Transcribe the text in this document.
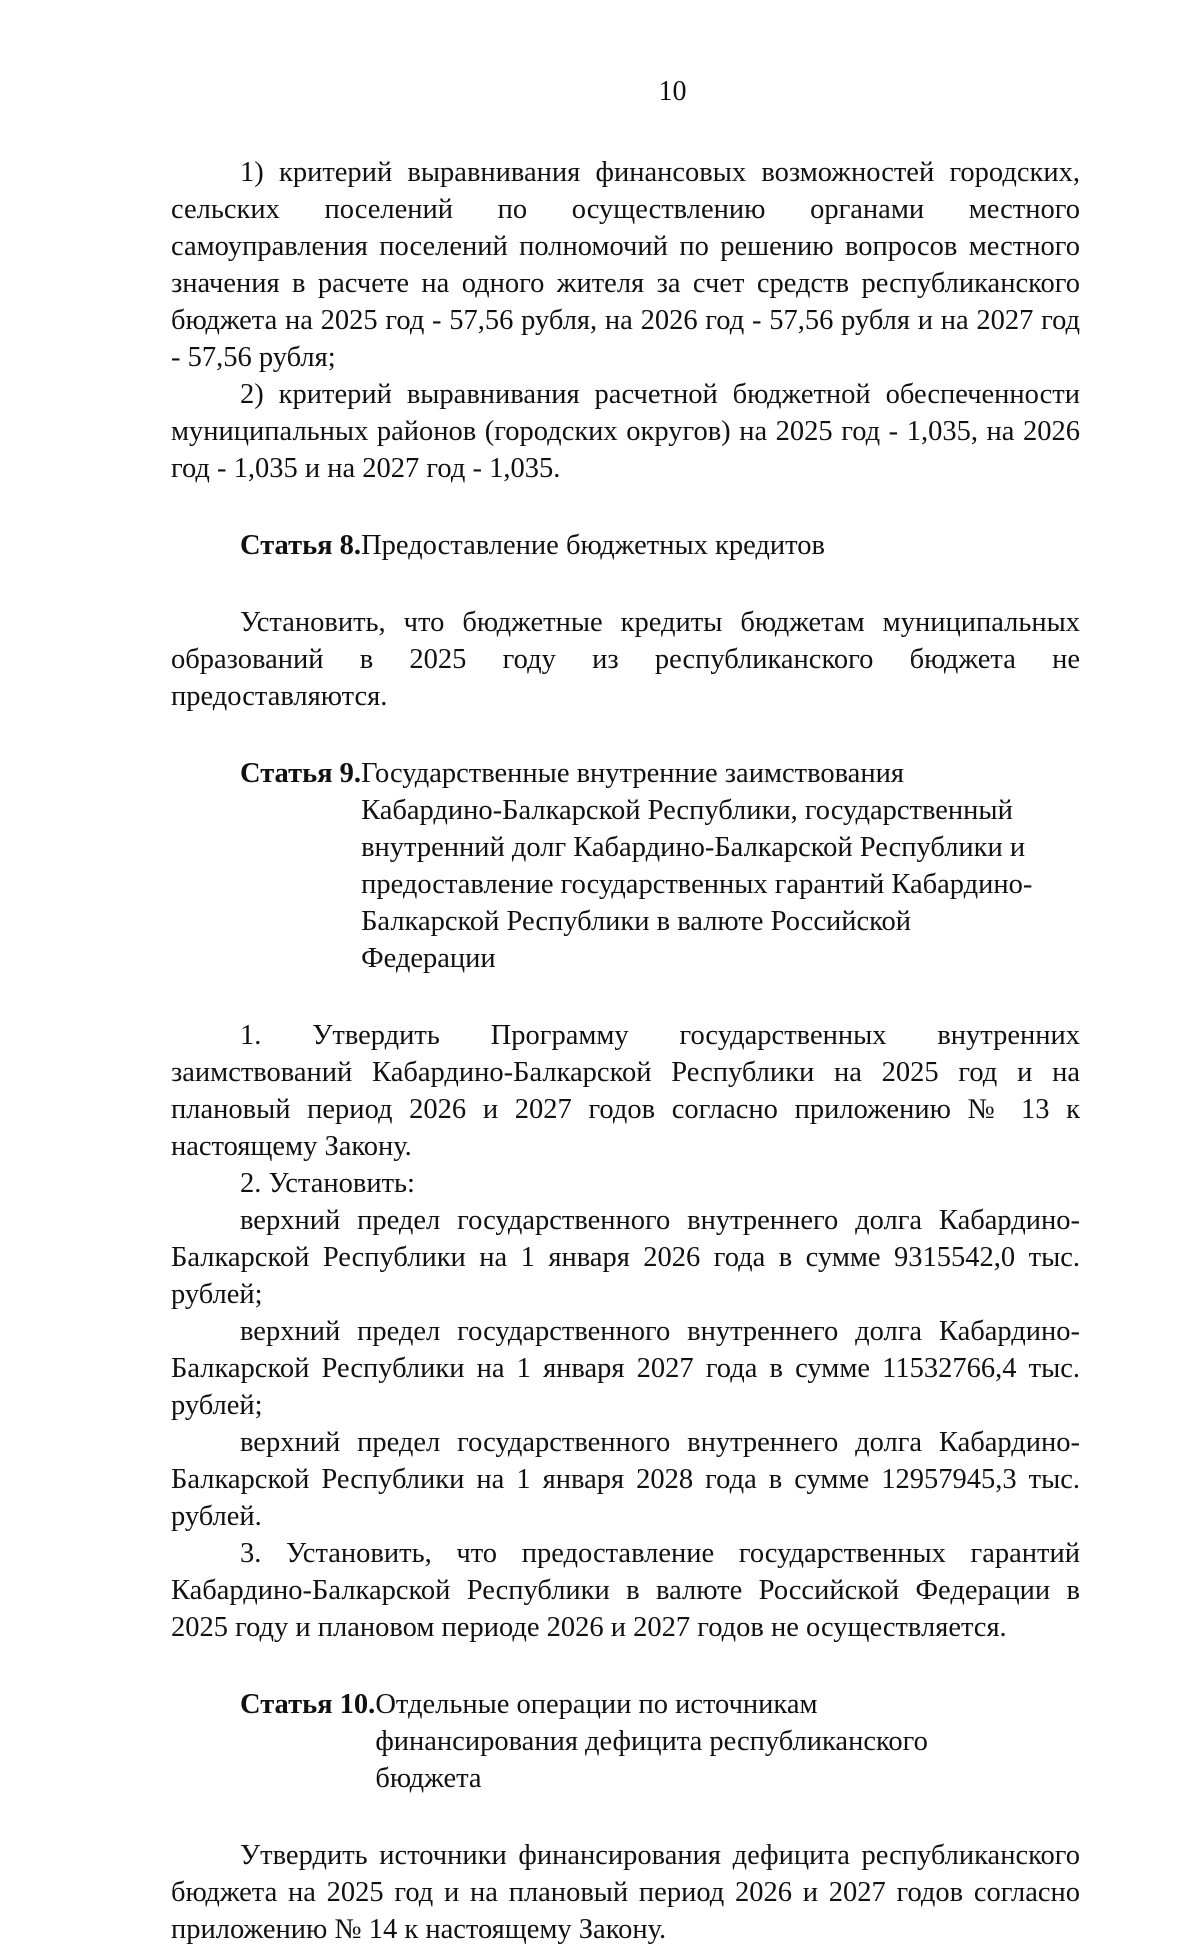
10

1) критерий выравнивания финансовых возможностей городских, сельских поселений по осуществлению органами местного самоуправления поселений полномочий по решению вопросов местного значения в расчете на одного жителя за счет средств республиканского бюджета на 2025 год - 57,56 рубля, на 2026 год - 57,56 рубля и на 2027 год - 57,56 рубля;

2) критерий выравнивания расчетной бюджетной обеспеченности муниципальных районов (городских округов) на 2025 год - 1,035, на 2026 год - 1,035 и на 2027 год - 1,035.

Статья 8. Предоставление бюджетных кредитов

Установить, что бюджетные кредиты бюджетам муниципальных образований в 2025 году из республиканского бюджета не предоставляются.

Статья 9. Государственные внутренние заимствования Кабардино-Балкарской Республики, государственный внутренний долг Кабардино-Балкарской Республики и предоставление государственных гарантий Кабардино-Балкарской Республики в валюте Российской Федерации

1. Утвердить Программу государственных внутренних заимствований Кабардино-Балкарской Республики на 2025 год и на плановый период 2026 и 2027 годов согласно приложению № 13 к настоящему Закону.

2. Установить:

верхний предел государственного внутреннего долга Кабардино-Балкарской Республики на 1 января 2026 года в сумме 9315542,0 тыс. рублей;

верхний предел государственного внутреннего долга Кабардино-Балкарской Республики на 1 января 2027 года в сумме 11532766,4 тыс. рублей;

верхний предел государственного внутреннего долга Кабардино-Балкарской Республики на 1 января 2028 года в сумме 12957945,3 тыс. рублей.

3. Установить, что предоставление государственных гарантий Кабардино-Балкарской Республики в валюте Российской Федерации в 2025 году и плановом периоде 2026 и 2027 годов не осуществляется.

Статья 10. Отдельные операции по источникам финансирования дефицита республиканского бюджета

Утвердить источники финансирования дефицита республиканского бюджета на 2025 год и на плановый период 2026 и 2027 годов согласно приложению № 14 к настоящему Закону.
